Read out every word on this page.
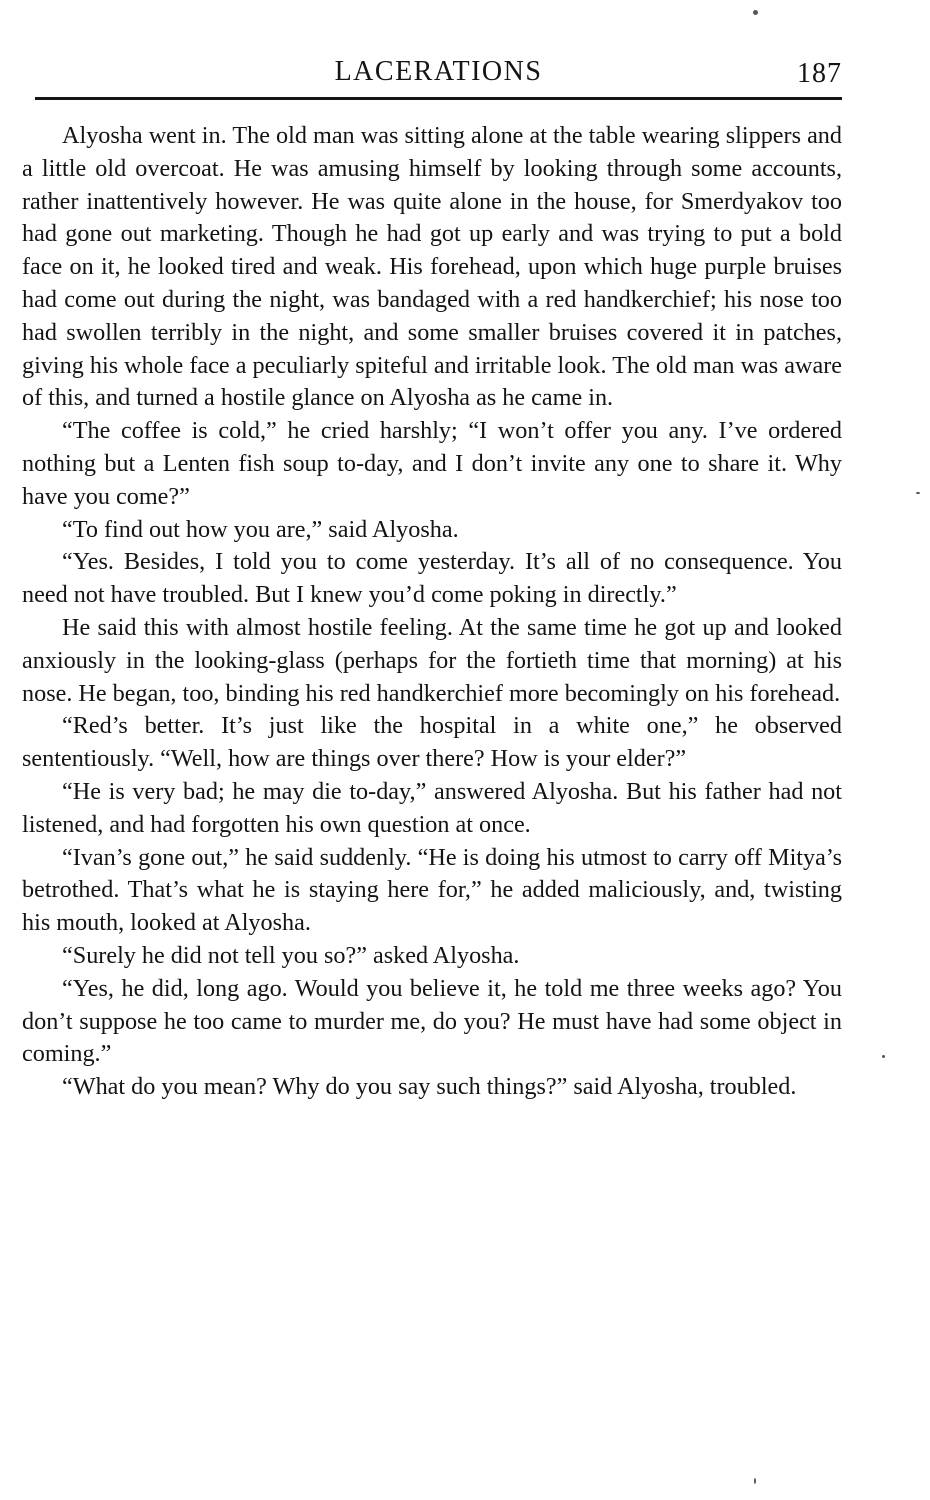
LACERATIONS	187

Alyosha went in. The old man was sitting alone at the table wearing slippers and a little old overcoat. He was amusing himself by looking through some accounts, rather inattentively however. He was quite alone in the house, for Smerdyakov too had gone out marketing. Though he had got up early and was trying to put a bold face on it, he looked tired and weak. His forehead, upon which huge purple bruises had come out during the night, was bandaged with a red handkerchief; his nose too had swollen terribly in the night, and some smaller bruises covered it in patches, giving his whole face a peculiarly spiteful and irritable look. The old man was aware of this, and turned a hostile glance on Alyosha as he came in.

“The coffee is cold,” he cried harshly; “I won’t offer you any. I’ve ordered nothing but a Lenten fish soup to-day, and I don’t invite any one to share it. Why have you come?”

“To find out how you are,” said Alyosha.

“Yes. Besides, I told you to come yesterday. It’s all of no consequence. You need not have troubled. But I knew you’d come poking in directly.”

He said this with almost hostile feeling. At the same time he got up and looked anxiously in the looking-glass (perhaps for the fortieth time that morning) at his nose. He began, too, binding his red handkerchief more becomingly on his forehead.

“Red’s better. It’s just like the hospital in a white one,” he observed sententiously. “Well, how are things over there? How is your elder?”

“He is very bad; he may die to-day,” answered Alyosha. But his father had not listened, and had forgotten his own question at once.

“Ivan’s gone out,” he said suddenly. “He is doing his utmost to carry off Mitya’s betrothed. That’s what he is staying here for,” he added maliciously, and, twisting his mouth, looked at Alyosha.

“Surely he did not tell you so?” asked Alyosha.

“Yes, he did, long ago. Would you believe it, he told me three weeks ago? You don’t suppose he too came to murder me, do you? He must have had some object in coming.”

“What do you mean? Why do you say such things?” said Alyosha, troubled.
